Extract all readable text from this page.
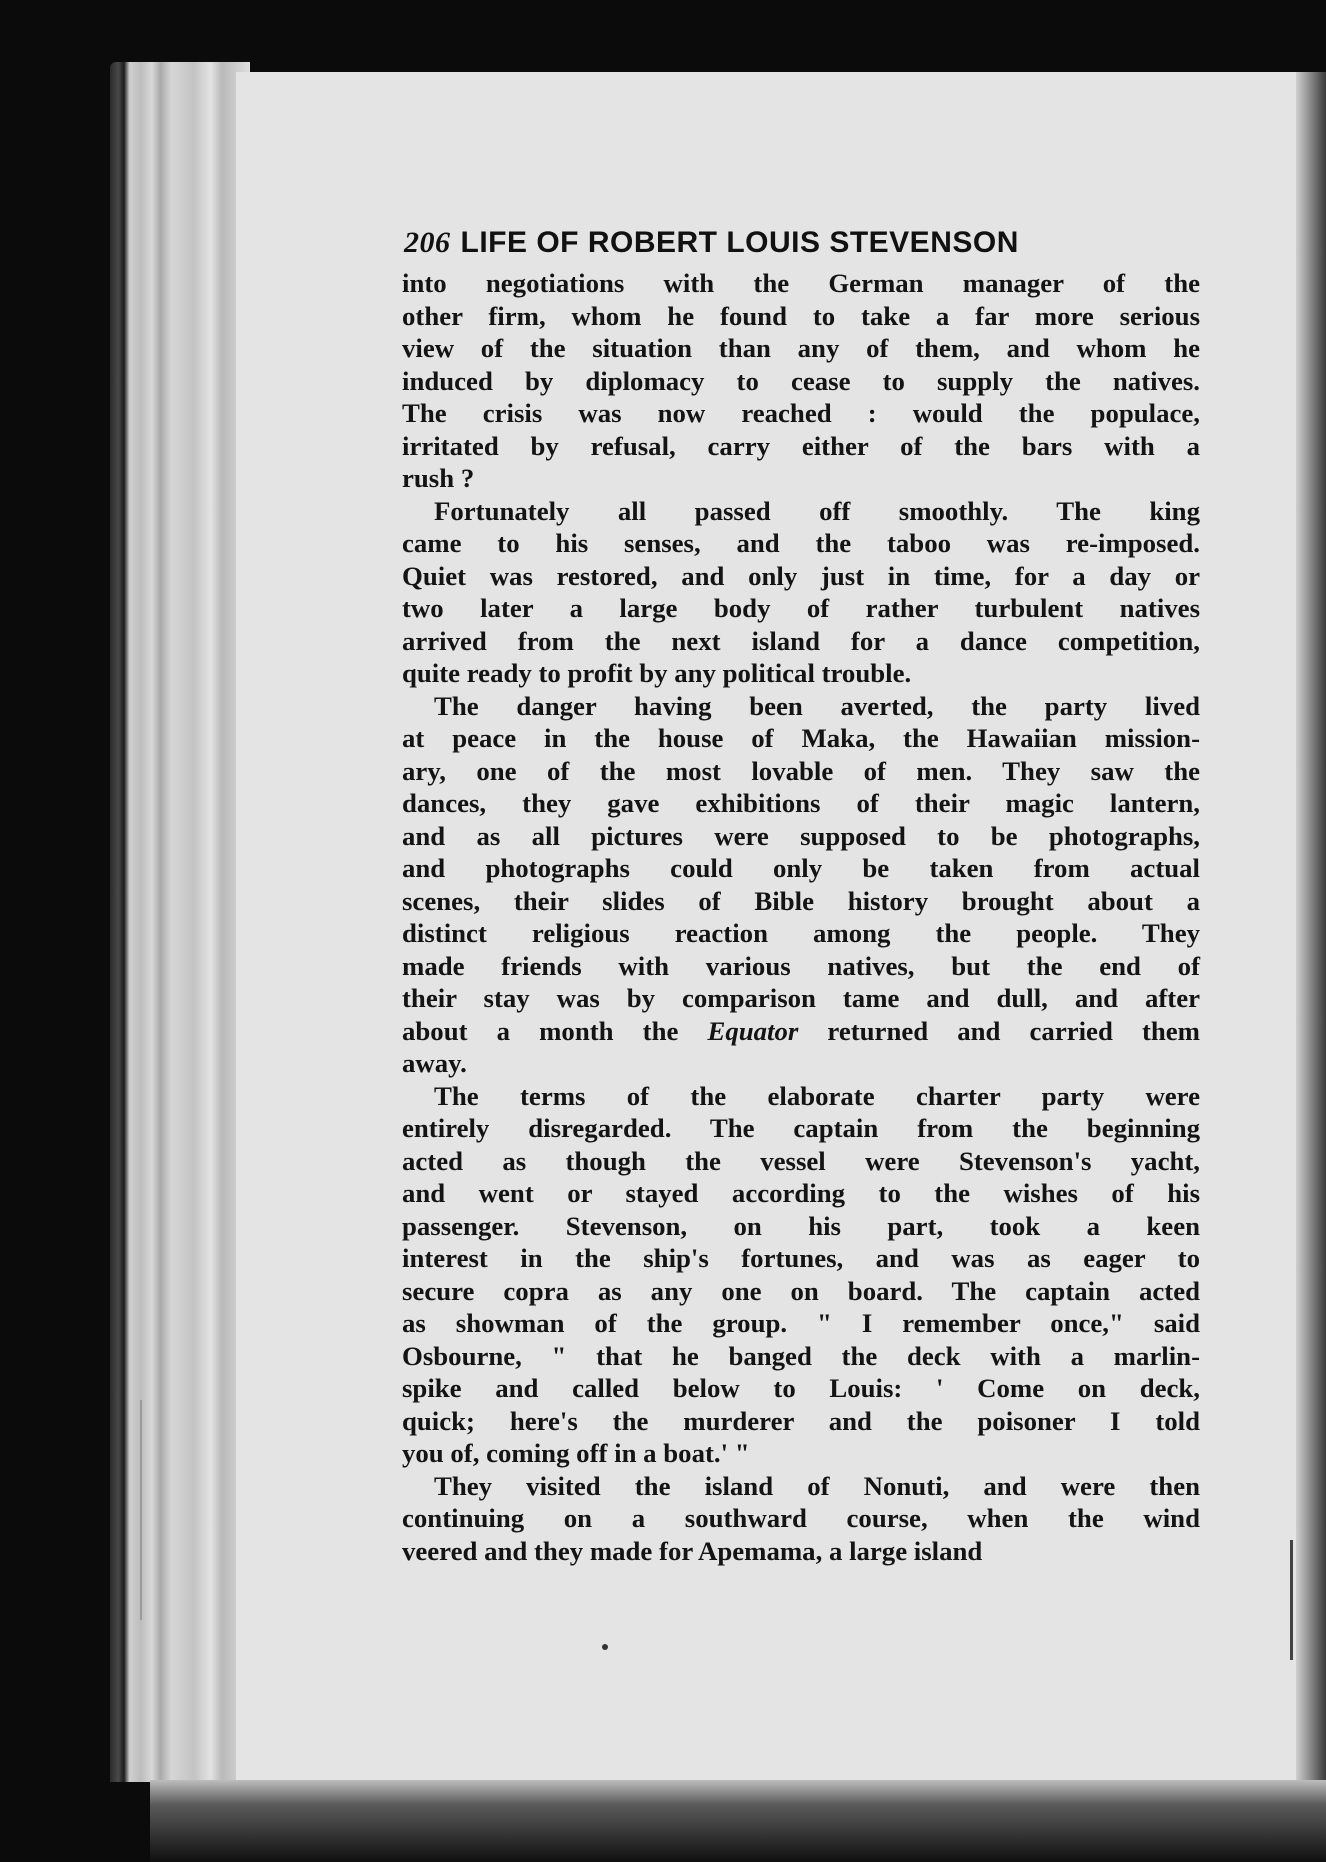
206 LIFE OF ROBERT LOUIS STEVENSON

into negotiations with the German manager of the
other firm, whom he found to take a far more serious
view of the situation than any of them, and whom he
induced by diplomacy to cease to supply the natives.
The crisis was now reached : would the populace,
irritated by refusal, carry either of the bars with a
rush ?

Fortunately all passed off smoothly. The king
came to his senses, and the taboo was re-imposed.
Quiet was restored, and only just in time, for a day or
two later a large body of rather turbulent natives
arrived from the next island for a dance competition,
quite ready to profit by any political trouble.

The danger having been averted, the party lived
at peace in the house of Maka, the Hawaiian mission-
ary, one of the most lovable of men. They saw the
dances, they gave exhibitions of their magic lantern,
and as all pictures were supposed to be photographs,
and photographs could only be taken from actual
scenes, their slides of Bible history brought about a
distinct religious reaction among the people. They
made friends with various natives, but the end of
their stay was by comparison tame and dull, and after
about a month the Equator returned and carried them
away.

The terms of the elaborate charter party were
entirely disregarded. The captain from the beginning
acted as though the vessel were Stevenson's yacht,
and went or stayed according to the wishes of his
passenger. Stevenson, on his part, took a keen
interest in the ship's fortunes, and was as eager to
secure copra as any one on board. The captain acted
as showman of the group. " I remember once," said
Osbourne, " that he banged the deck with a marlin-
spike and called below to Louis: ' Come on deck,
quick; here's the murderer and the poisoner I told
you of, coming off in a boat.' "

They visited the island of Nonuti, and were then
continuing on a southward course, when the wind
veered and they made for Apemama, a large island
